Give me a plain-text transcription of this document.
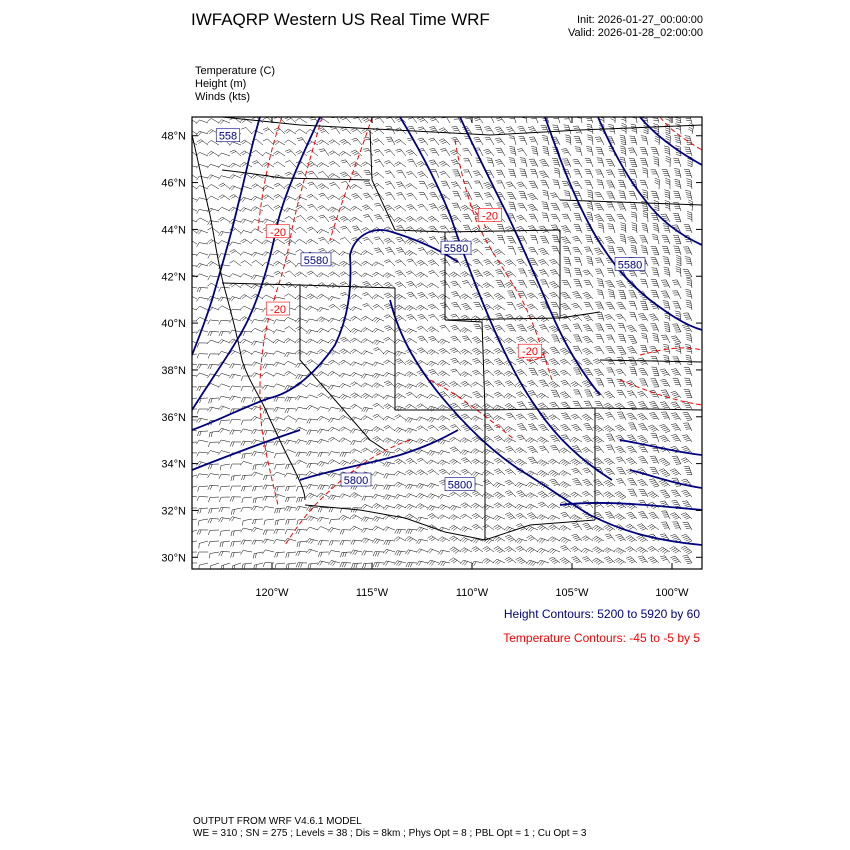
IWFAQRP Western US Real Time WRF	Init: 2026-01-27_00:00:00
Valid: 2026-01-28_02:00:00
Temperature (C)
Height (m)
Winds (kts)
5580
5580
5580
5800	5800
558
-20
-20
-20
-20
48°N
46°N
44°N
42°N
40°N
38°N
36°N
34°N
32°N
30°N
120°W	115°W	110°W	105°W	100°W
Height Contours: 5200 to 5920 by 60
Temperature Contours: -45 to -5 by 5
OUTPUT FROM WRF V4.6.1 MODEL
WE = 310 ; SN = 275 ; Levels = 38 ; Dis = 8km ; Phys Opt = 8 ; PBL Opt = 1 ; Cu Opt = 3
